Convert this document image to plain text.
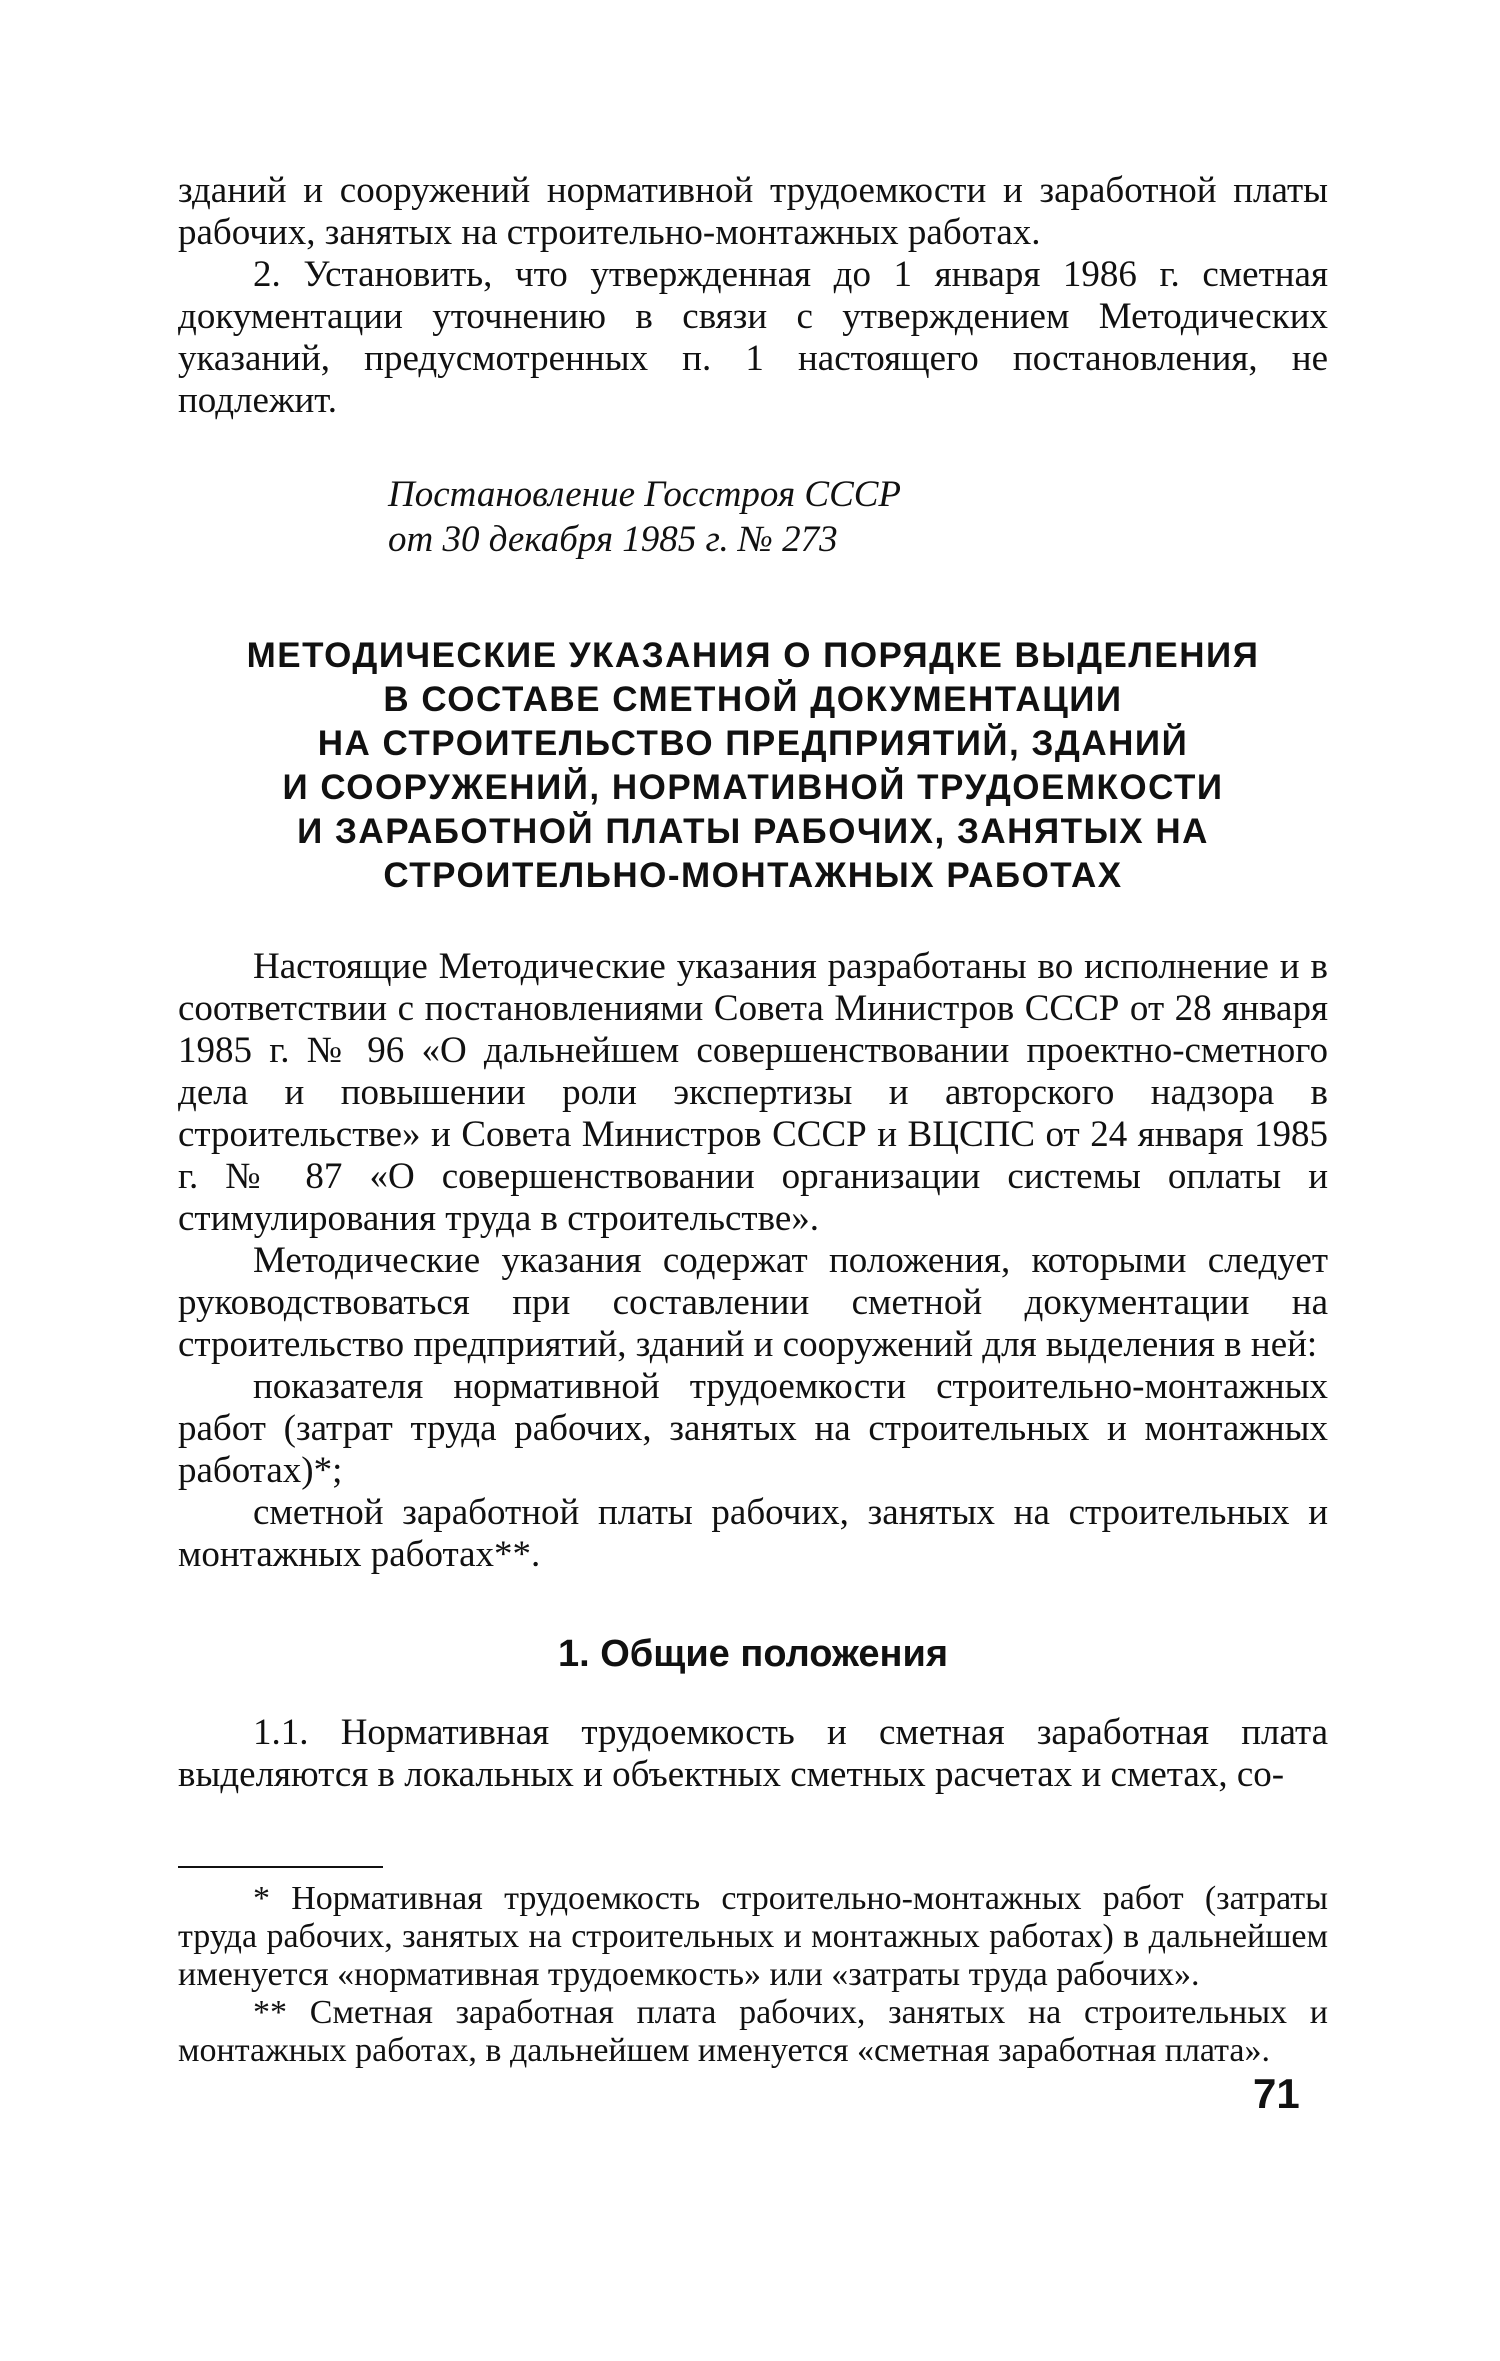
зданий и сооружений нормативной трудоемкости и заработной платы рабочих, занятых на строительно-монтажных работах.

2. Установить, что утвержденная до 1 января 1986 г. сметная документации уточнению в связи с утверждением Методических указаний, предусмотренных п. 1 настоящего постановления, не подлежит.

Постановление Госстроя СССР
от 30 декабря 1985 г. № 273
МЕТОДИЧЕСКИЕ УКАЗАНИЯ О ПОРЯДКЕ ВЫДЕЛЕНИЯ
В СОСТАВЕ СМЕТНОЙ ДОКУМЕНТАЦИИ
НА СТРОИТЕЛЬСТВО ПРЕДПРИЯТИЙ, ЗДАНИЙ
И СООРУЖЕНИЙ, НОРМАТИВНОЙ ТРУДОЕМКОСТИ
И ЗАРАБОТНОЙ ПЛАТЫ РАБОЧИХ, ЗАНЯТЫХ НА
СТРОИТЕЛЬНО-МОНТАЖНЫХ РАБОТАХ

Настоящие Методические указания разработаны во исполнение и в соответствии с постановлениями Совета Министров СССР от 28 января 1985 г. № 96 «О дальнейшем совершенствовании проектно-сметного дела и повышении роли экспертизы и авторского надзора в строительстве» и Совета Министров СССР и ВЦСПС от 24 января 1985 г. № 87 «О совершенствовании организации системы оплаты и стимулирования труда в строительстве».

Методические указания содержат положения, которыми следует руководствоваться при составлении сметной документации на строительство предприятий, зданий и сооружений для выделения в ней:

показателя нормативной трудоемкости строительно-монтажных работ (затрат труда рабочих, занятых на строительных и монтажных работах)*;

сметной заработной платы рабочих, занятых на строительных и монтажных работах**.

1. Общие положения

1.1. Нормативная трудоемкость и сметная заработная плата выделяются в локальных и объектных сметных расчетах и сметах, со-

* Нормативная трудоемкость строительно-монтажных работ (затраты труда рабочих, занятых на строительных и монтажных работах) в дальнейшем именуется «нормативная трудоемкость» или «затраты труда рабочих».

** Сметная заработная плата рабочих, занятых на строительных и монтажных работах, в дальнейшем именуется «сметная заработная плата».

71
